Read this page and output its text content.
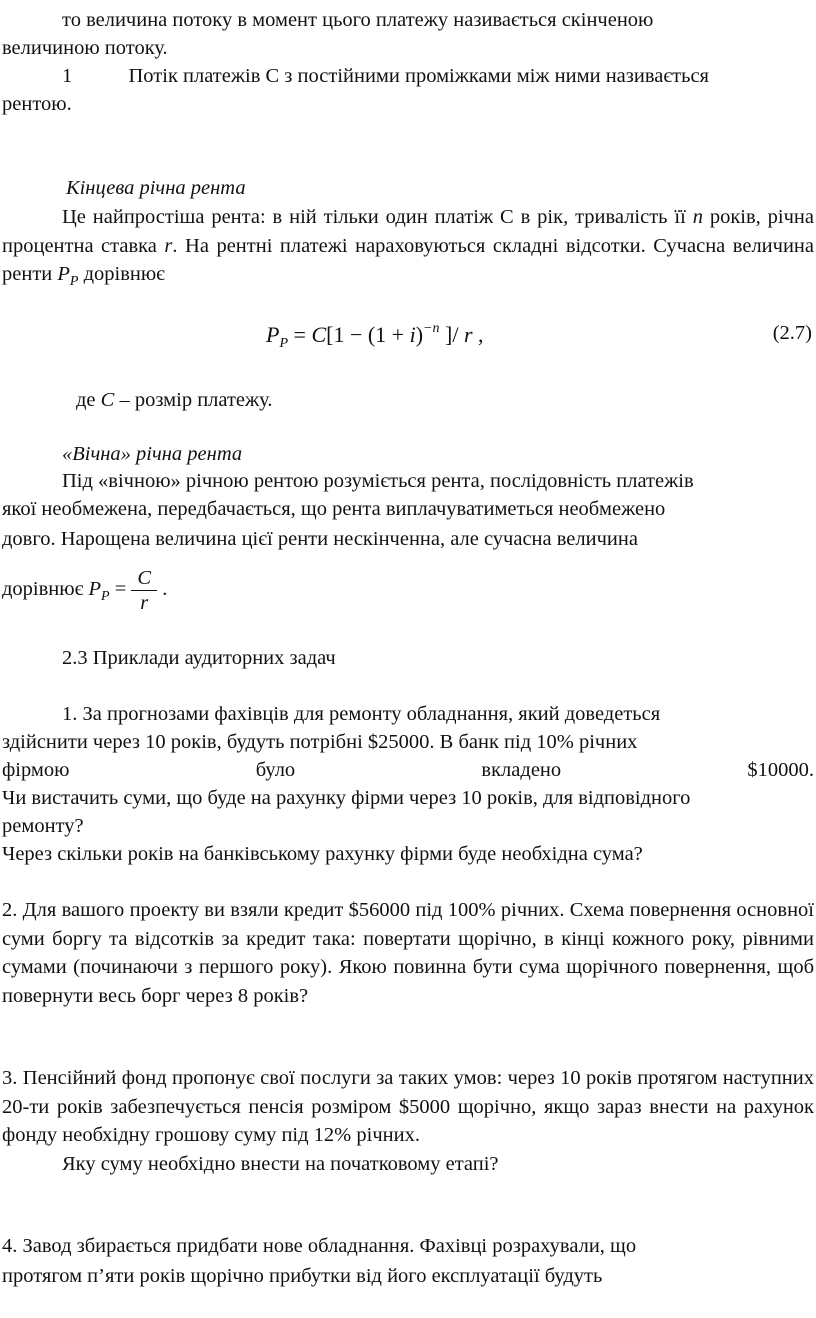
то величина потоку в момент цього платежу називається скінченою
величиною потоку.
1	Потік платежів С з постійними проміжками між ними називається
рентою.
Кінцева річна рента

Це найпростіша рента: в ній тільки один платіж С в рік, тривалість її n років, річна процентна ставка r. На рентні платежі нараховуються складні відсотки. Сучасна величина ренти $P_P$ дорівнює

$P_P = C[1 - (1 + i)^{-n}$ ]/ r ,	(2.7)
де C – розмір платежу.
«Вічна» річна рента
Під «вічною» річною рентою розуміється рента, послідовність платежів
якої необмежена, передбачається, що рента виплачуватиметься необмежено
довго. Нарощена величина цієї ренти нескінченна, але сучасна величина
дорівнює $P_P = \frac{C}{r}$ .
2.3 Приклади аудиторних задач
1. За прогнозами фахівців для ремонту обладнання, який доведеться
здійснити через 10 років, будуть потрібні $25000. В банк під 10% річних
фірмою	було	вкладено	$10000.
Чи вистачить суми, що буде на рахунку фірми через 10 років, для відповідного
ремонту?
Через скільки років на банківському рахунку фірми буде необхідна сума?

2. Для вашого проекту ви взяли кредит $56000 під 100% річних. Схема повернення основної суми боргу та відсотків за кредит така: повертати щорічно, в кінці кожного року, рівними сумами (починаючи з першого року). Якою повинна бути сума щорічного повернення, щоб повернути весь борг через 8 років?

3. Пенсійний фонд пропонує свої послуги за таких умов: через 10 років протягом наступних 20-ти років забезпечується пенсія розміром $5000 щорічно, якщо зараз внести на рахунок фонду необхідну грошову суму під 12% річних.

Яку суму необхідно внести на початковому етапі?
4. Завод збирається придбати нове обладнання. Фахівці розрахували, що
протягом п’яти років щорічно прибутки від його експлуатації будуть
